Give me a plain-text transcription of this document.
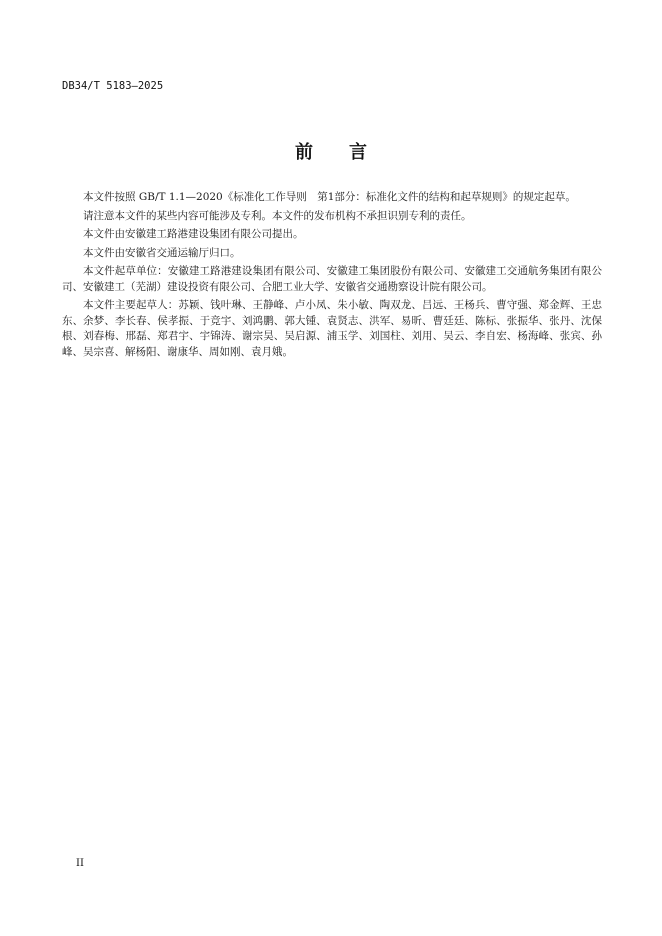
DB34/T 5183—2025
前　　言

本文件按照 GB/T 1.1—2020《标准化工作导则　第1部分：标准化文件的结构和起草规则》的规定起草。

请注意本文件的某些内容可能涉及专利。本文件的发布机构不承担识别专利的责任。

本文件由安徽建工路港建设集团有限公司提出。

本文件由安徽省交通运输厅归口。

本文件起草单位：安徽建工路港建设集团有限公司、安徽建工集团股份有限公司、安徽建工交通航务集团有限公司、安徽建工（芜湖）建设投资有限公司、合肥工业大学、安徽省交通勘察设计院有限公司。

本文件主要起草人：苏颖、钱叶琳、王静峰、卢小凤、朱小敏、陶双龙、吕远、王杨兵、曹守强、郑金辉、王忠东、余梦、李长春、侯孝振、于竞宇、刘鸿鹏、郭大锺、袁贤志、洪军、易昕、曹廷廷、陈标、张振华、张丹、沈保根、刘春梅、邢磊、郑君宇、宇锦涛、谢宗昊、吴启源、浦玉学、刘国柱、刘用、吴云、李自宏、杨海峰、张宾、孙峰、吴宗喜、解杨阳、谢康华、周如刚、袁月娥。

II
